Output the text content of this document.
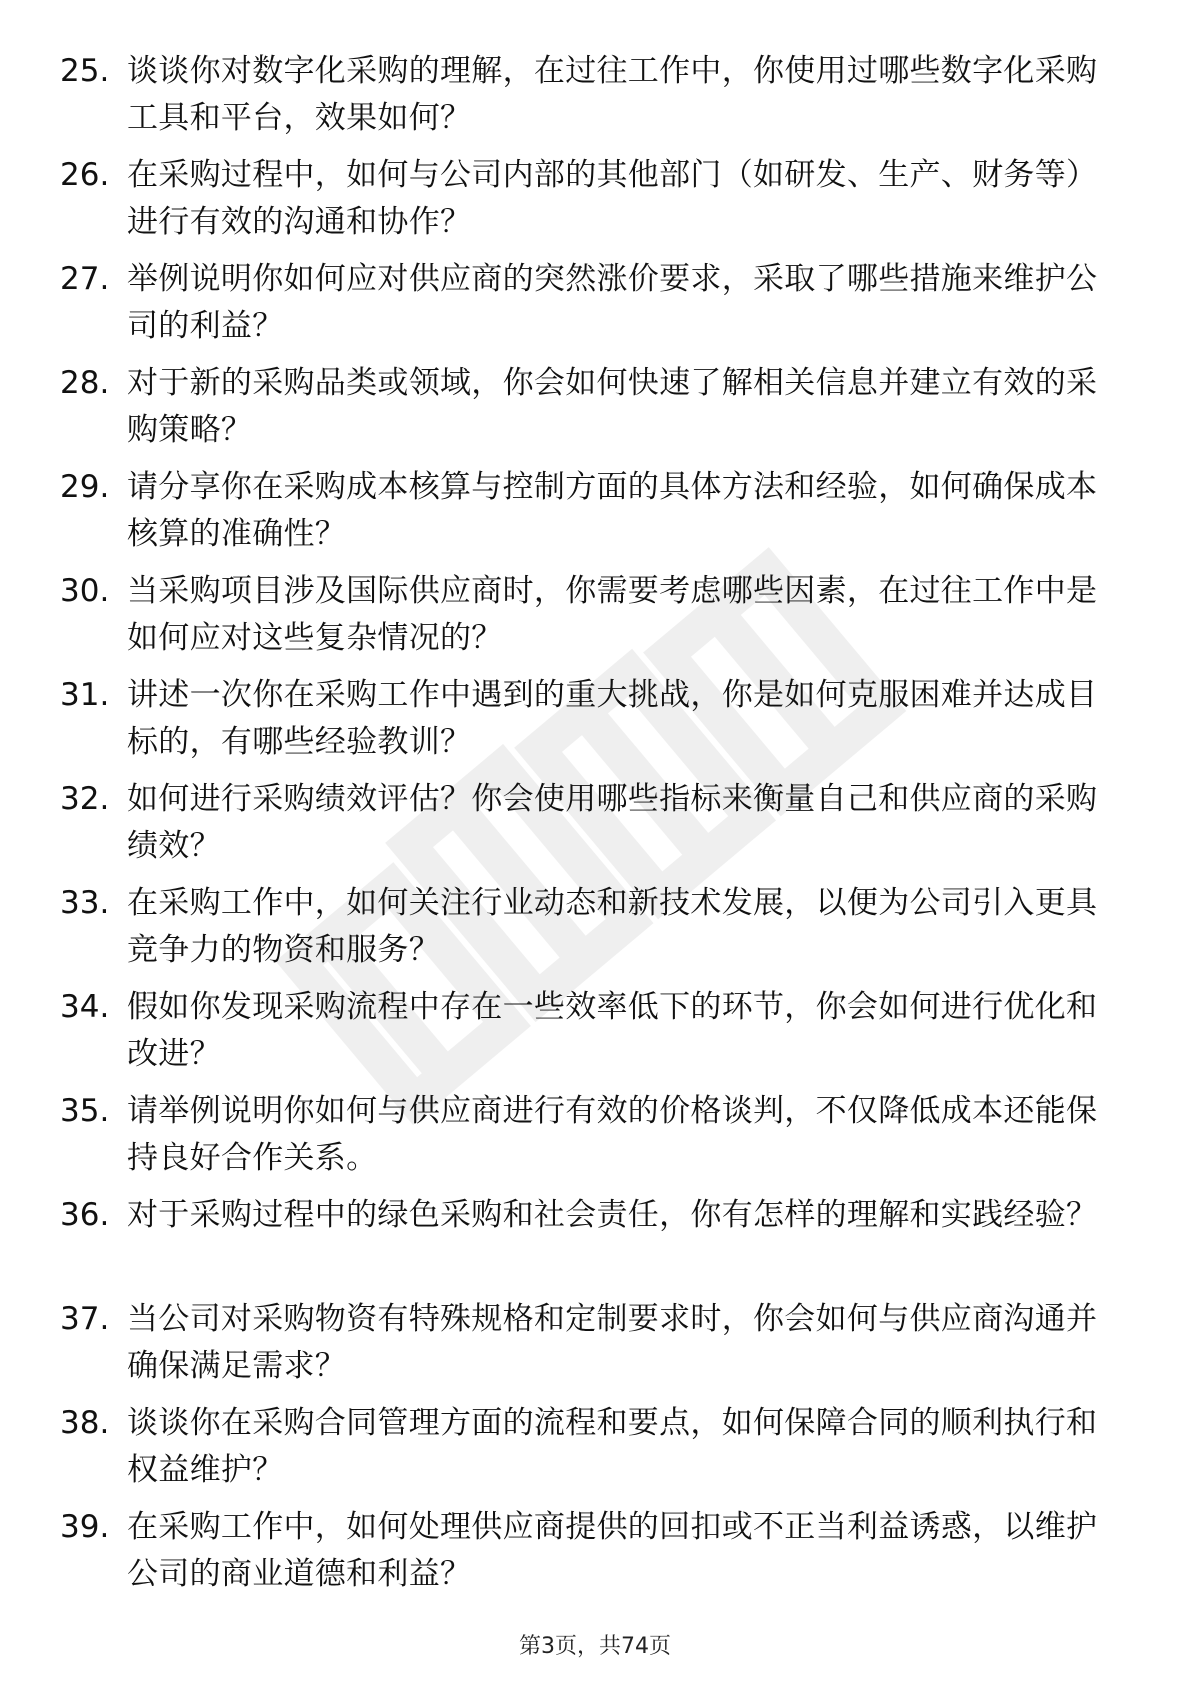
25. 谈谈你对数字化采购的理解，在过往工作中，你使用过哪些数字化采购工具和平台，效果如何？
26. 在采购过程中，如何与公司内部的其他部门（如研发、生产、财务等）进行有效的沟通和协作？
27. 举例说明你如何应对供应商的突然涨价要求，采取了哪些措施来维护公司的利益？
28. 对于新的采购品类或领域，你会如何快速了解相关信息并建立有效的采购策略？
29. 请分享你在采购成本核算与控制方面的具体方法和经验，如何确保成本核算的准确性？
30. 当采购项目涉及国际供应商时，你需要考虑哪些因素，在过往工作中是如何应对这些复杂情况的？
31. 讲述一次你在采购工作中遇到的重大挑战，你是如何克服困难并达成目标的，有哪些经验教训？
32. 如何进行采购绩效评估？你会使用哪些指标来衡量自己和供应商的采购绩效？
33. 在采购工作中，如何关注行业动态和新技术发展，以便为公司引入更具竞争力的物资和服务？
34. 假如你发现采购流程中存在一些效率低下的环节，你会如何进行优化和改进？
35. 请举例说明你如何与供应商进行有效的价格谈判，不仅降低成本还能保持良好合作关系。
36. 对于采购过程中的绿色采购和社会责任，你有怎样的理解和实践经验？
37. 当公司对采购物资有特殊规格和定制要求时，你会如何与供应商沟通并确保满足需求？
38. 谈谈你在采购合同管理方面的流程和要点，如何保障合同的顺利执行和权益维护？
39. 在采购工作中，如何处理供应商提供的回扣或不正当利益诱惑，以维护公司的商业道德和利益？
第3页，共74页
